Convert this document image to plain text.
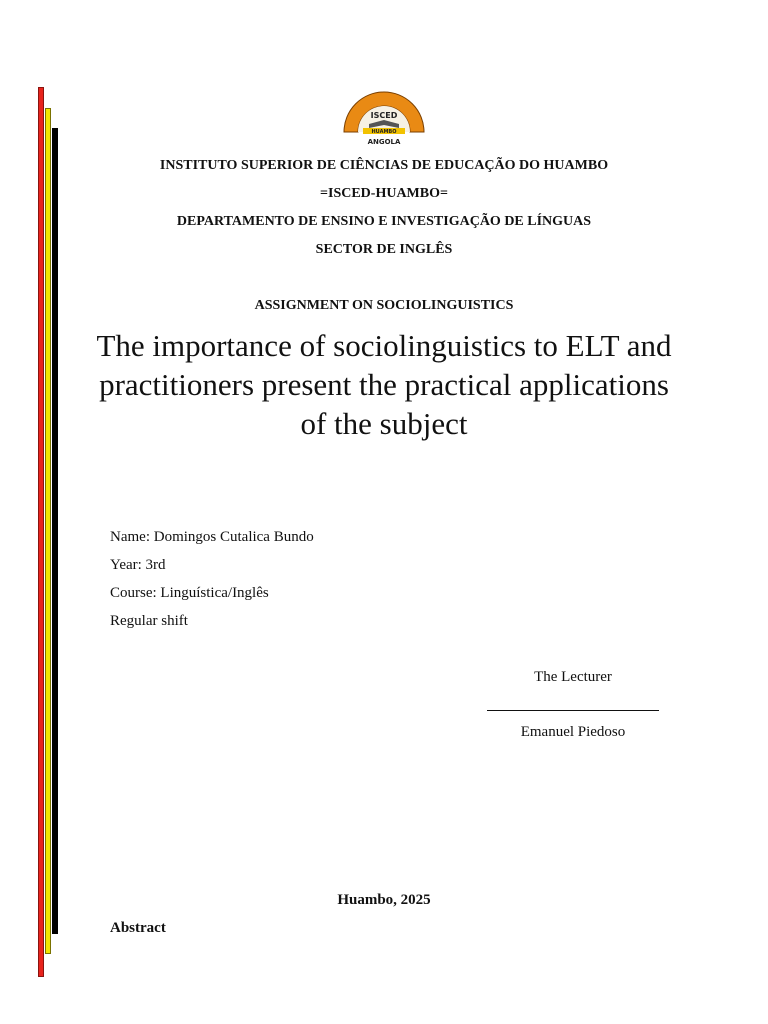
ISCED
HUAMBO
ANGOLA
INSTITUTO SUPERIOR DE CIÊNCIAS DE EDUCAÇÃO DO HUAMBO
=ISCED-HUAMBO=
DEPARTAMENTO DE ENSINO E INVESTIGAÇÃO DE LÍNGUAS
SECTOR DE INGLÊS
ASSIGNMENT ON SOCIOLINGUISTICS
The importance of sociolinguistics to ELT and practitioners present the practical applications of the subject
Name: Domingos Cutalica Bundo
Year: 3rd
Course: Linguística/Inglês
Regular shift
The Lecturer
Emanuel Piedoso
Huambo, 2025
Abstract
